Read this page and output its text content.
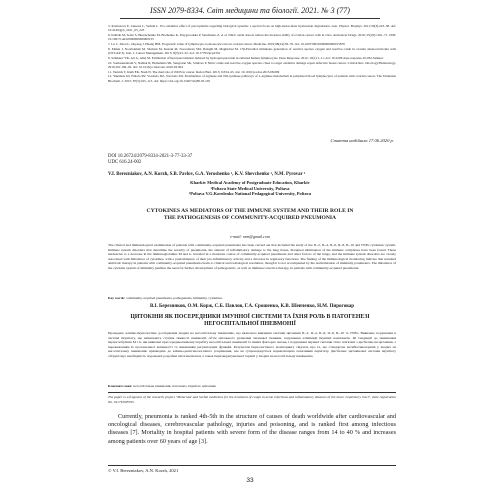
ISSN 2079-8334. Світ медицини та біології. 2021. № 3 (77)

5. Rodionova E, Jansons L, Sednin L. Pro-oxidative effect of peroxynitrite regarding biological systems: a special focus on high-molar-mass hyaluronan degradation. Gen. Physiol. Biophys. 2011;30(3):223–38. doi: 10.4149/gpb_2011_03_223

6. Kulbak M, Sosin S, Burenchenko M, Bozhenko K, Przygorodska P, Sanchenko Z, et al. Nitric oxide donors reduce the invasion ability of ovarian cancer cells in vitro. Anticancer Drugs. 2016; 25(10):1161–71. DOI: 10.1097/CAD.0000000000000155

7. Lu C, Zhou L, Ouyang J, Huang HM. Prognostic value of lymphocyte-to-monocyte ratio in ovarian cancer. Medicine. 2019;98(24):56–76. doi: 10.1097/MD.0000000000015876

8. Malek J, Noorbakhsh M, Shabani M, Kenani M, Noorazizan SM, Dalaghi M, Maghsdasi M. 17β-Estradiol stimulates generation of reactive species oxygen and reactive oxide in ovarian adenocarcinoma cells (OVCAR 3). Iran. J. Cancer Management. 2015; 8(3):23–32. doi: 10.17795/ijcp2352

9. Schikuev YK, Ari G, Alarj M. Estimation of lipid peroxidation induced by hydrogen peroxide in cultured human lymphocytes. Dose Response. 2012; 10(1):1–11. doi: 10.2203/dose-response.10-032.Szikuev

10. Somasundaram V, Nadhal R, Hemalatha SR, Sengodan SK, Srinivas P. Nitric oxide and reactive oxygen species: clues to target oxidative damage repair defective breast cancer. Critical Rev. Oncology/Hematology. 2016;101:184–92. doi: 10.1016/j.critrevonc.2016.03.004

11. Vernick T, Kuih EK, Nash N. The dual role of iNOS in cancer. Redox Biol. 2015; 6:334–43. doi: 10.1016/j.redox.2015.08.009

12. Yakubets OI, Faltola RV, Vorobets DZ, Vorobets ZD. Peculiarities of arginase and NO-synthase pathways of L-arginine metabolism in peripheral blood lymphocytes of patients with ovarian cancer. The Ukrainian Biochem. J. 2015; 87(5):105–113. doi: https://doi.org/10.15407/ubj85.05.105

Стаття надійшла 17.06.2020 р.
DOI 10.26724/2079-8334-2021-3-77-33-37
UDC 616.24-002
V.I. Berezniakov, A.N. Korzh, S.B. Pavlov, G.A. Yeroshenko ¹, K.V. Shevchenko ¹, N.M. Pyrovar ²
Kharkiv Medical Academy of Postgraduate Education, Kharkiv
¹Poltava State Medical University, Poltava
²Poltava V.G.Korolenko National Pedagogical University, Poltava
CYTOKINES AS MEDIATORS OF THE IMMUNE SYSTEM AND THEIR ROLE IN THE PATHOGENESIS OF COMMUNITY-ACQUIRED PNEUMONIA
e-mail: nrm@gmail.com
The clinical and immunological examination of patients with community-acquired pneumonia has been carried out that included the study of the IL-2, IL-4, IL-6, IL-8, IL-10 and TNFα cytokines' system. Immune system disorders that determine the severity of pneumonia, the amount of inflammatory damage to the lung tissue, disrupted elimination of the immune complexes have been found. These tendencies to a decrease in the immunoglobulins M and G revealed in a moderate course of community-acquired pneumonia and other factors of the lungs, and the immune system disorders are closely associated with imbalance of cytokines, with a predominance of their pro-inflammatory activity and a decrease in regulatory functions. The finding of the immunological monitoring indicate that standard antibiotic therapy in patients with community-acquired pneumonia leads to clinical and radiological resolution, though it is not accompanied by the normalization of immunity parameters. The imbalance of the cytokine system of immunity justifies the need for further development of pathogenetic, as well as immunocorrective therapy, in patients with community-acquired pneumonia.
Key words: community-acquired pneumonia, pathogenesis, immunity, cytokines.
В.І. Березняков, О.М. Корж, С.Б. Павлов, Г.А. Єрошенко, К.В. Шевченко, Н.М. Пироговар
ЦИТОКІНИ ЯК ПОСЕРЕДНИКИ ІМУННОЇ СИСТЕМИ ТА ЇХНЯ РОЛЬ В ПАТОГЕНЕЗІ НЕГОСПІТАЛЬНОЇ ПНЕВМОНІЇ
Проведено клініко-імунологічне дослідження хворих на негоспітальну пневмонію, що включало вивчення системи цитокінів IL-2, IL-4, IL-6, IL-8, IL-10 та TNFα. Виявлено порушення в системі імунітету, що визначають ступінь тяжкості пневмонії, об'єм запального ураження легеневої тканини, порушення елімінації імунних комплексів. Ці тенденції до зменшення імуноглобулінів M і G, які виявлені при середньотяжкому перебігу негоспітальної пневмонії та інших факторах легень, і порушення імунної системи тісно пов'язані з дисбалансом цитокінів, з переважанням їх прозапальної активності та зниженням регуляторних функцій. Результати імунологічного моніторингу свідчать про те, що стандартна антибіотикотерапія у хворих на негоспітальну пневмонію призводить до клініко-рентгенологічного розрішення, але не супроводжується нормалізацією показників імунітету. Дисбаланс цитокінової системи імунітету обґрунтовує необхідність подальшої розробки патогенетичної, а також імунокоригувальної терапії у хворих на негоспітальну пневмонію.
Ключові слова: негоспітальна пневмонія, патогенез, імунітет, цитокіни.
The paper is a fragment of the research project "Molecular and herbal medicines for the treatment of cough in acute infectious and inflammatory diseases of the lower respiratory tract", state registration No. 0117U003595.
Currently, pneumonia is ranked 4th-5th in the structure of causes of death worldwide after cardiovascular and oncological diseases, cerebrovascular pathology, injuries and poisoning, and is ranked first among infectious diseases [7]. Mortality in hospital patients with severe form of the disease ranges from 14 to 40 % and increases among patients over 60 years of age [3].
© V.I. Berezniakov, A.N. Korzh, 2021
33
